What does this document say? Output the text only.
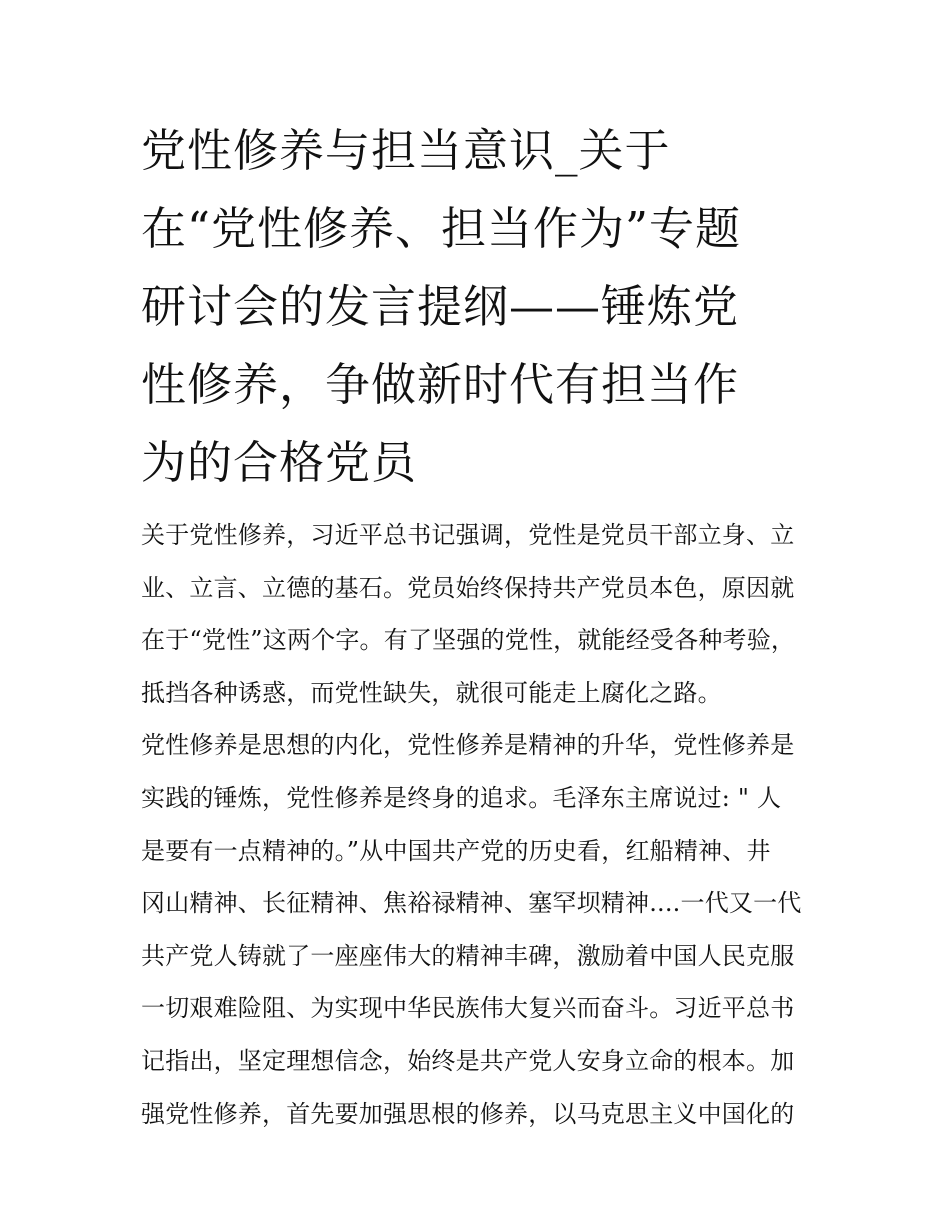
党性修养与担当意识_关于
在“党性修养、担当作为”专题
研讨会的发言提纲——锤炼党
性修养，争做新时代有担当作
为的合格党员
关于党性修养，习近平总书记强调，党性是党员干部立身、立
业、立言、立德的基石。党员始终保持共产党员本色，原因就
在于“党性”这两个字。有了坚强的党性，就能经受各种考验，
抵挡各种诱惑，而党性缺失，就很可能走上腐化之路。
党性修养是思想的内化，党性修养是精神的升华，党性修养是
实践的锤炼，党性修养是终身的追求。毛泽东主席说过: " 人
是要有一点精神的。”从中国共产党的历史看，红船精神、井
冈山精神、长征精神、焦裕禄精神、塞罕坝精神....一代又一代
共产党人铸就了一座座伟大的精神丰碑，激励着中国人民克服
一切艰难险阻、为实现中华民族伟大复兴而奋斗。习近平总书
记指出，坚定理想信念，始终是共产党人安身立命的根本。加
强党性修养，首先要加强思根的修养，以马克思主义中国化的
